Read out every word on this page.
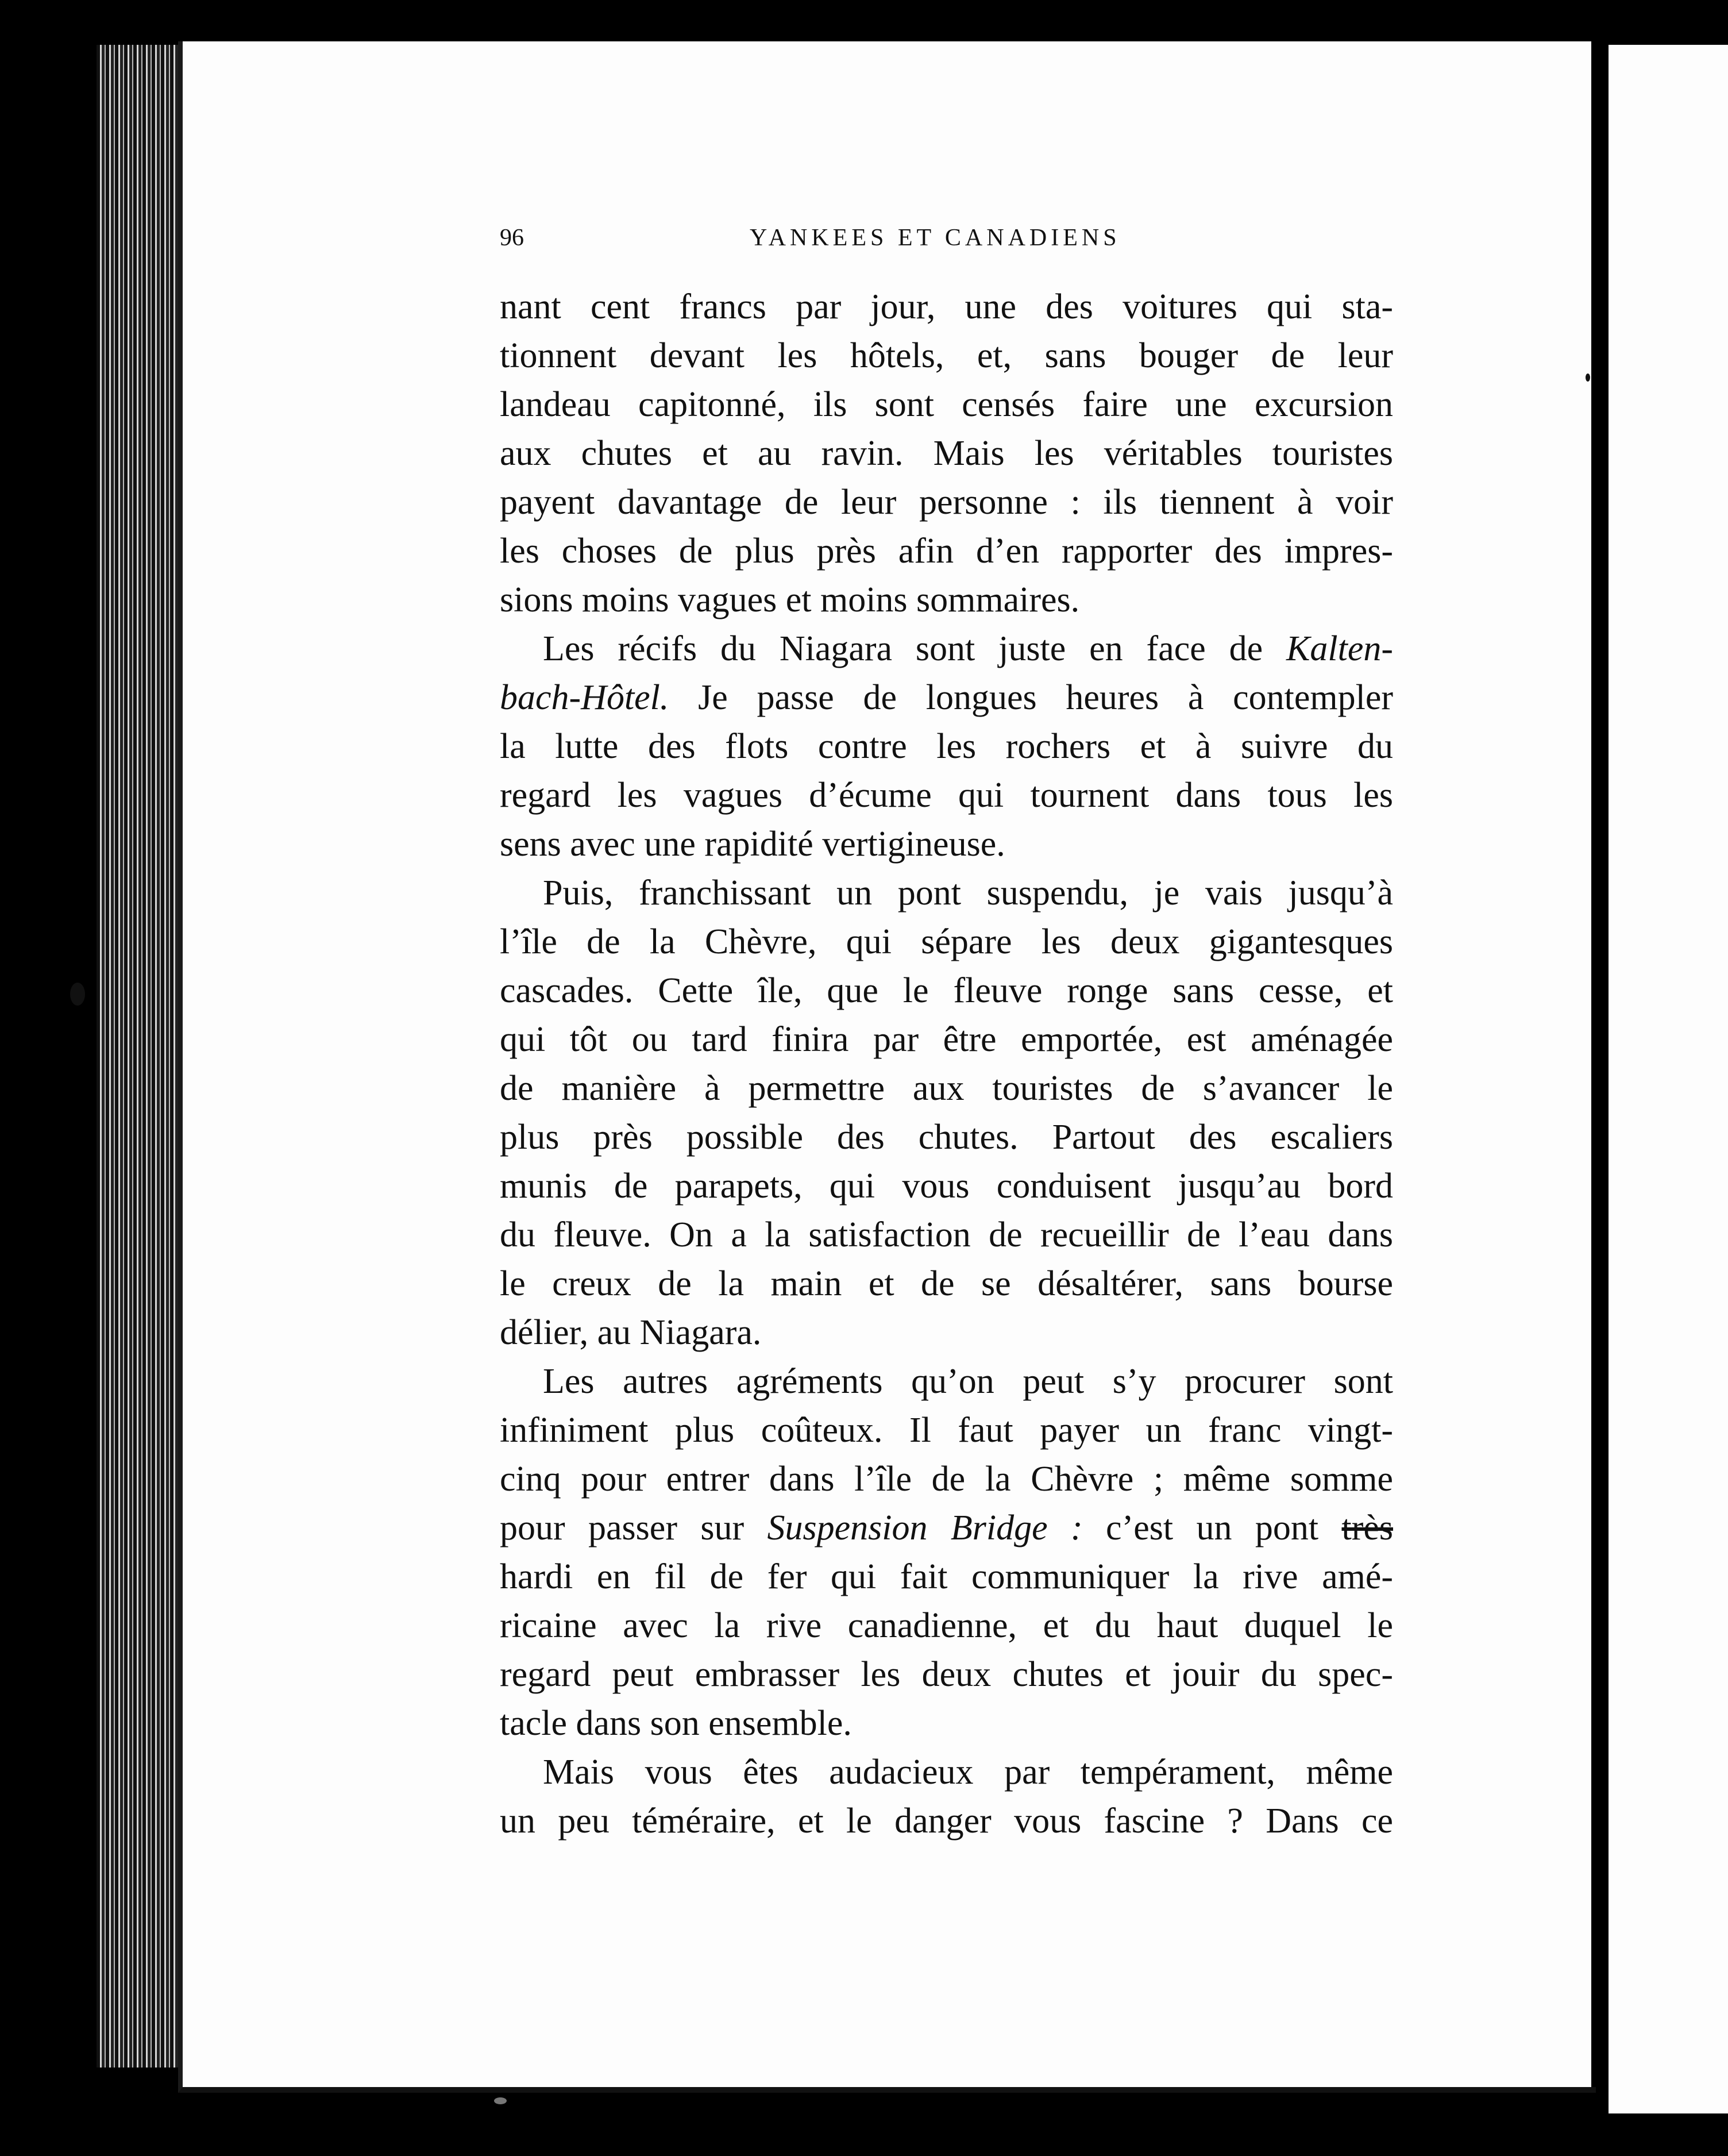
96	YANKEES ET CANADIENS
nant cent francs par jour, une des voitures qui sta-
tionnent devant les hôtels, et, sans bouger de leur
landeau capitonné, ils sont censés faire une excursion
aux chutes et au ravin. Mais les véritables touristes
payent davantage de leur personne : ils tiennent à voir
les choses de plus près afin d’en rapporter des impres-
sions moins vagues et moins sommaires.
Les récifs du Niagara sont juste en face de Kalten-
bach-Hôtel. Je passe de longues heures à contempler
la lutte des flots contre les rochers et à suivre du
regard les vagues d’écume qui tournent dans tous les
sens avec une rapidité vertigineuse.
Puis, franchissant un pont suspendu, je vais jusqu’à
l’île de la Chèvre, qui sépare les deux gigantesques
cascades. Cette île, que le fleuve ronge sans cesse, et
qui tôt ou tard finira par être emportée, est aménagée
de manière à permettre aux touristes de s’avancer le
plus près possible des chutes. Partout des escaliers
munis de parapets, qui vous conduisent jusqu’au bord
du fleuve. On a la satisfaction de recueillir de l’eau dans
le creux de la main et de se désaltérer, sans bourse
délier, au Niagara.
Les autres agréments qu’on peut s’y procurer sont
infiniment plus coûteux. Il faut payer un franc vingt-
cinq pour entrer dans l’île de la Chèvre ; même somme
pour passer sur Suspension Bridge : c’est un pont très
hardi en fil de fer qui fait communiquer la rive amé-
ricaine avec la rive canadienne, et du haut duquel le
regard peut embrasser les deux chutes et jouir du spec-
tacle dans son ensemble.
Mais vous êtes audacieux par tempérament, même
un peu téméraire, et le danger vous fascine ? Dans ce
